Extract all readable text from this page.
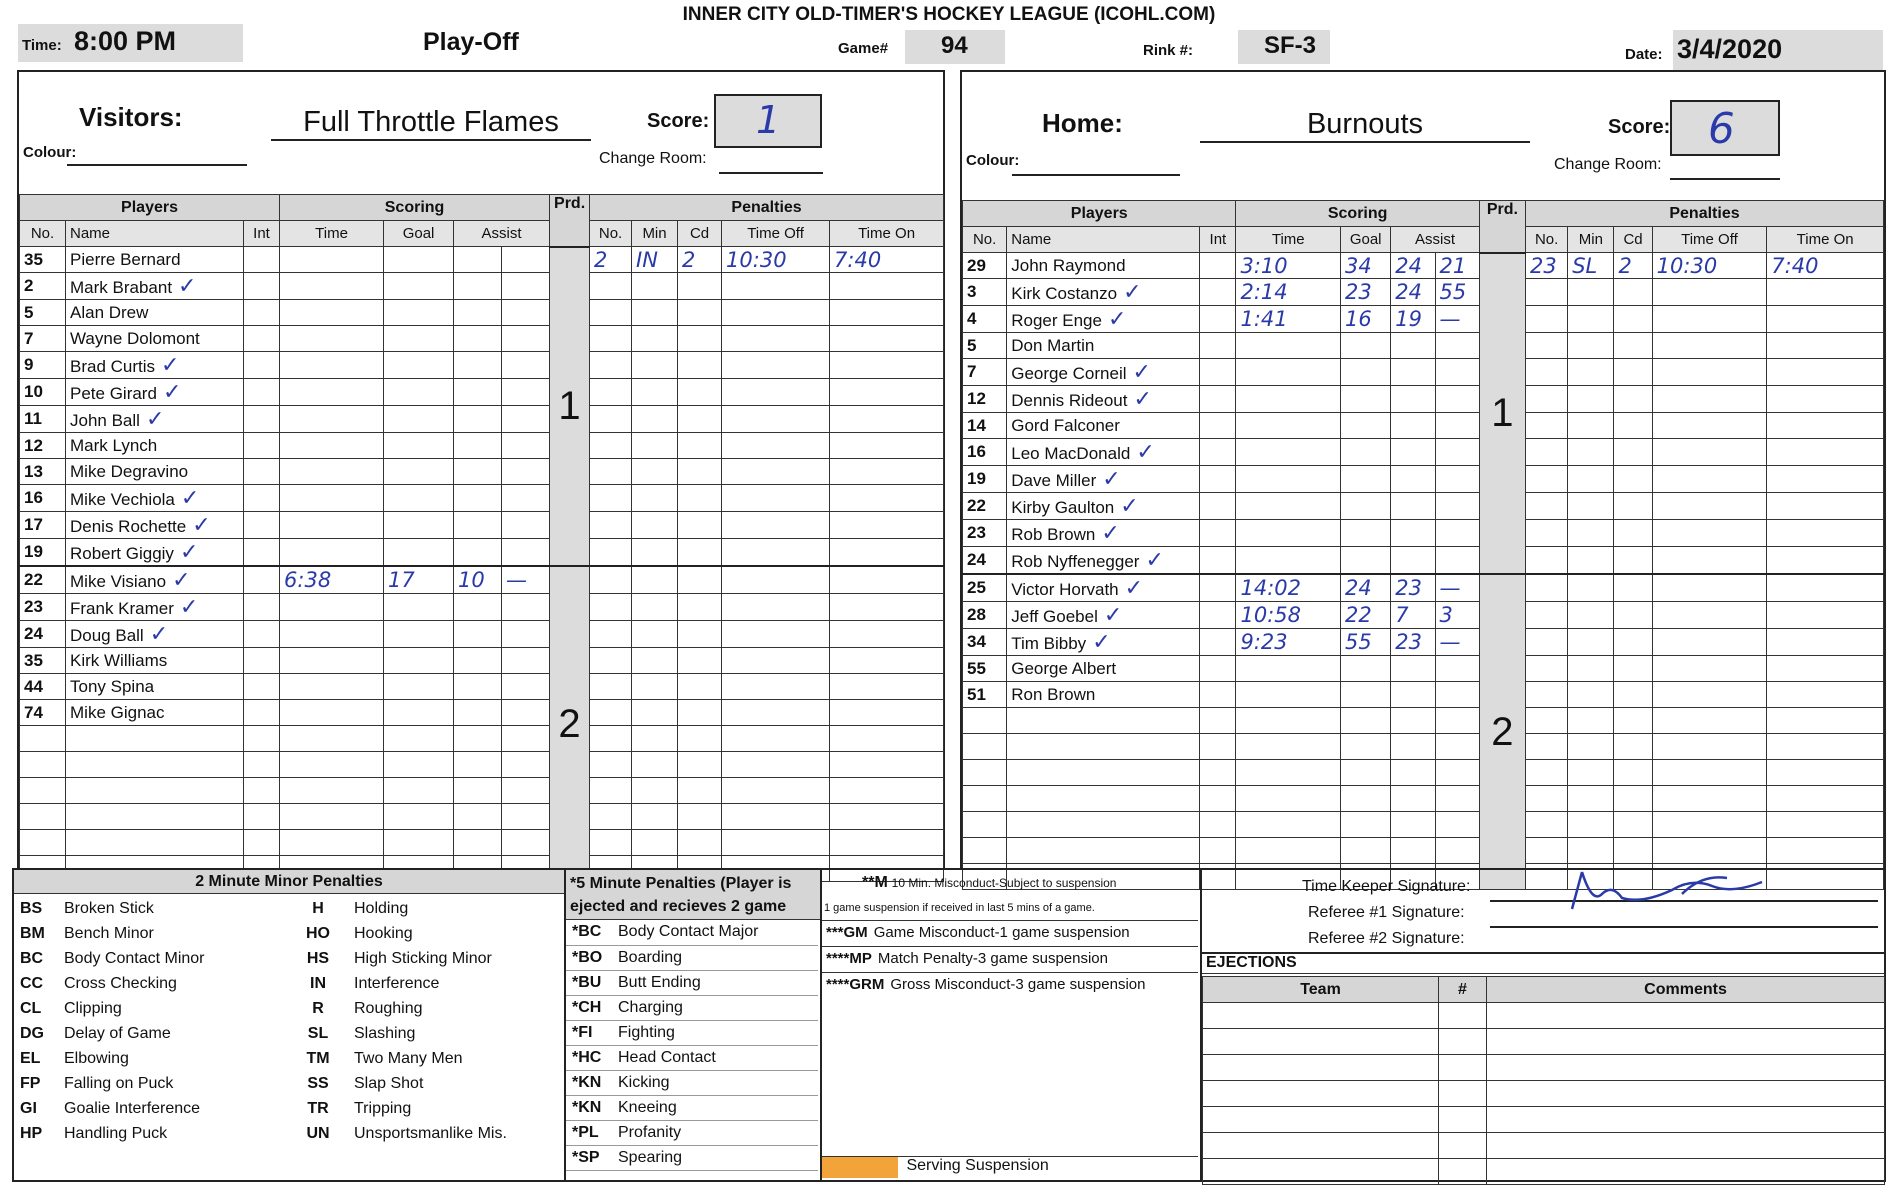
INNER CITY OLD-TIMER'S HOCKEY LEAGUE (ICOHL.COM)
Time: 8:00 PM	Play-Off	Game#	94	Rink #:	SF-3	Date: 3/4/2020
Visitors:
Colour:
Full Throttle Flames	Score: 1
Change Room:
Players			Scoring				Prd.	Penalties				
No.	Name	Int	Time	Goal	Assist			No.	Min	Cd	Time Off	Time On
35	Pierre Bernard						1	2	IN	2	10:30	7:40
2	Mark Brabant ✓											
5	Alan Drew											
7	Wayne Dolomont											
9	Brad Curtis ✓											
10	Pete Girard ✓											
11	John Ball ✓											
12	Mark Lynch											
13	Mike Degravino											
16	Mike Vechiola ✓											
17	Denis Rochette ✓											
19	Robert Giggiy ✓											
22	Mike Visiano ✓		6:38	17	10	—	2					
23	Frank Kramer ✓											
24	Doug Ball ✓											
35	Kirk Williams											
44	Tony Spina											
74	Mike Gignac											

Home:
Colour:
Burnouts	Score: 6
Change Room:
Players			Scoring				Prd.	Penalties				
No.	Name	Int	Time	Goal	Assist			No.	Min	Cd	Time Off	Time On
29	John Raymond		3:10	34	24	21	1	23	SL	2	10:30	7:40
3	Kirk Costanzo ✓		2:14	23	24	55						
4	Roger Enge ✓		1:41	16	19	—						
5	Don Martin											
7	George Corneil ✓											
12	Dennis Rideout ✓											
14	Gord Falconer											
16	Leo MacDonald ✓											
19	Dave Miller ✓											
22	Kirby Gaulton ✓											
23	Rob Brown ✓											
24	Rob Nyffenegger ✓											
25	Victor Horvath ✓		14:02	24	23	—	2					
28	Jeff Goebel ✓		10:58	22	7	3						
34	Tim Bibby ✓		9:23	55	23	—						
55	George Albert											
51	Ron Brown											

2 Minute Minor Penalties
BS	Broken Stick	H	Holding
BM	Bench Minor	HO	Hooking
BC	Body Contact Minor	HS	High Sticking Minor
CC	Cross Checking	IN	Interference
CL	Clipping	R	Roughing
DG	Delay of Game	SL	Slashing
EL	Elbowing	TM	Two Many Men
FP	Falling on Puck	SS	Slap Shot
GI	Goalie Interference	TR	Tripping
HP	Handling Puck	UN	Unsportsmanlike Mis.
*5 Minute Penalties (Player is ejected and recieves 2 game
*BC	Body Contact Major
*BO	Boarding
*BU	Butt Ending
*CH	Charging
*FI	Fighting
*HC	Head Contact
*KN	Kicking
*KN	Kneeing
*PL	Profanity
*SP	Spearing
**M 10 Min. Misconduct-Subject to suspension
1 game suspension if received in last 5 mins of a game.
***GM Game Misconduct-1 game suspension
****MP Match Penalty-3 game suspension
****GRM Gross Misconduct-3 game suspension
Serving Suspension
Time Keeper Signature:
Referee #1 Signature:
Referee #2 Signature:
EJECTIONS
Team	#	Comments
